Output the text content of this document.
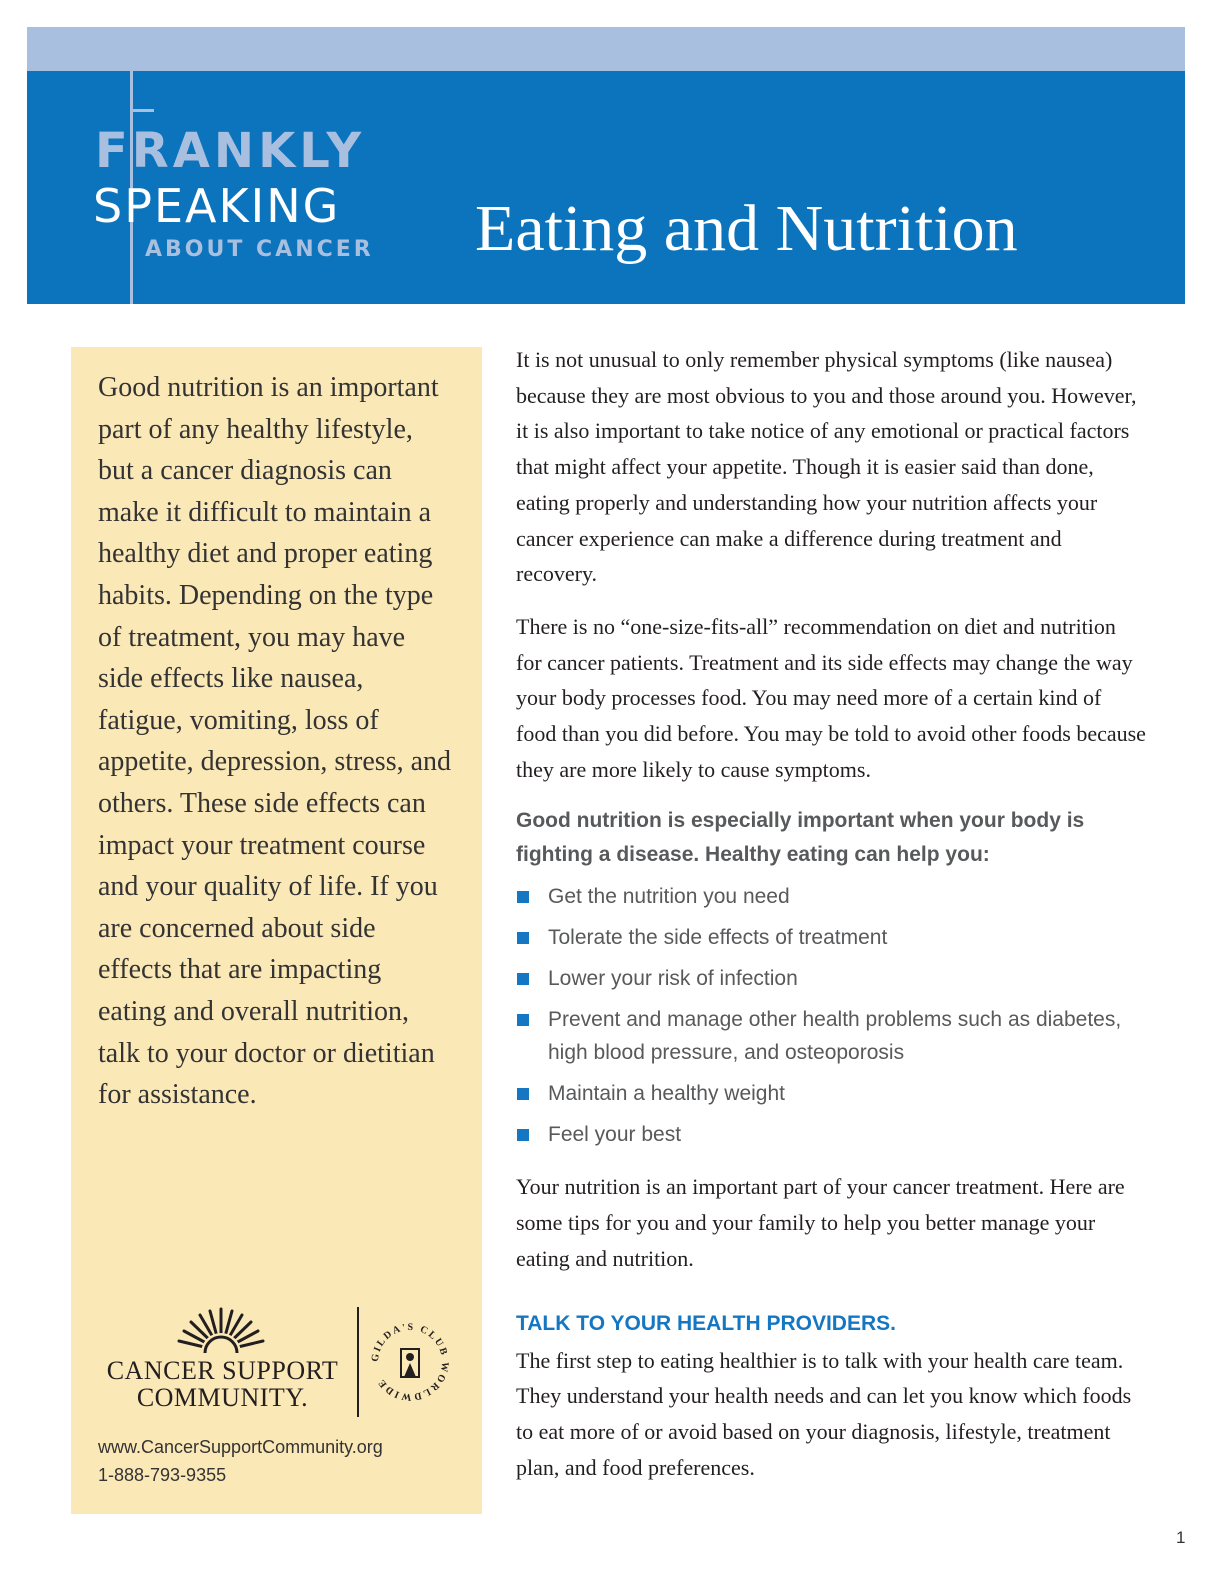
FRANKLY
SPEAKING
ABOUT CANCER Eating and Nutrition

Good nutrition is an important part of any healthy lifestyle, but a cancer diagnosis can make it difficult to maintain a healthy diet and proper eating habits. Depending on the type of treatment, you may have side effects like nausea, fatigue, vomiting, loss of appetite, depression, stress, and others. These side effects can impact your treatment course and your quality of life. If you are concerned about side effects that are impacting eating and overall nutrition, talk to your doctor or dietitian for assistance.

CANCER SUPPORT
COMMUNITY.
GILDA'S CLUB WORLDWIDE
www.CancerSupportCommunity.org
1-888-793-9355

It is not unusual to only remember physical symptoms (like nausea) because they are most obvious to you and those around you. However, it is also important to take notice of any emotional or practical factors that might affect your appetite. Though it is easier said than done, eating properly and understanding how your nutrition affects your cancer experience can make a difference during treatment and recovery.

There is no “one-size-fits-all” recommendation on diet and nutrition for cancer patients. Treatment and its side effects may change the way your body processes food. You may need more of a certain kind of food than you did before. You may be told to avoid other foods because they are more likely to cause symptoms.

Good nutrition is especially important when your body is fighting a disease. Healthy eating can help you:
Get the nutrition you need
Tolerate the side effects of treatment
Lower your risk of infection
Prevent and manage other health problems such as diabetes, high blood pressure, and osteoporosis
Maintain a healthy weight
Feel your best

Your nutrition is an important part of your cancer treatment. Here are some tips for you and your family to help you better manage your eating and nutrition.

TALK TO YOUR HEALTH PROVIDERS.

The first step to eating healthier is to talk with your health care team. They understand your health needs and can let you know which foods to eat more of or avoid based on your diagnosis, lifestyle, treatment plan, and food preferences.

1
